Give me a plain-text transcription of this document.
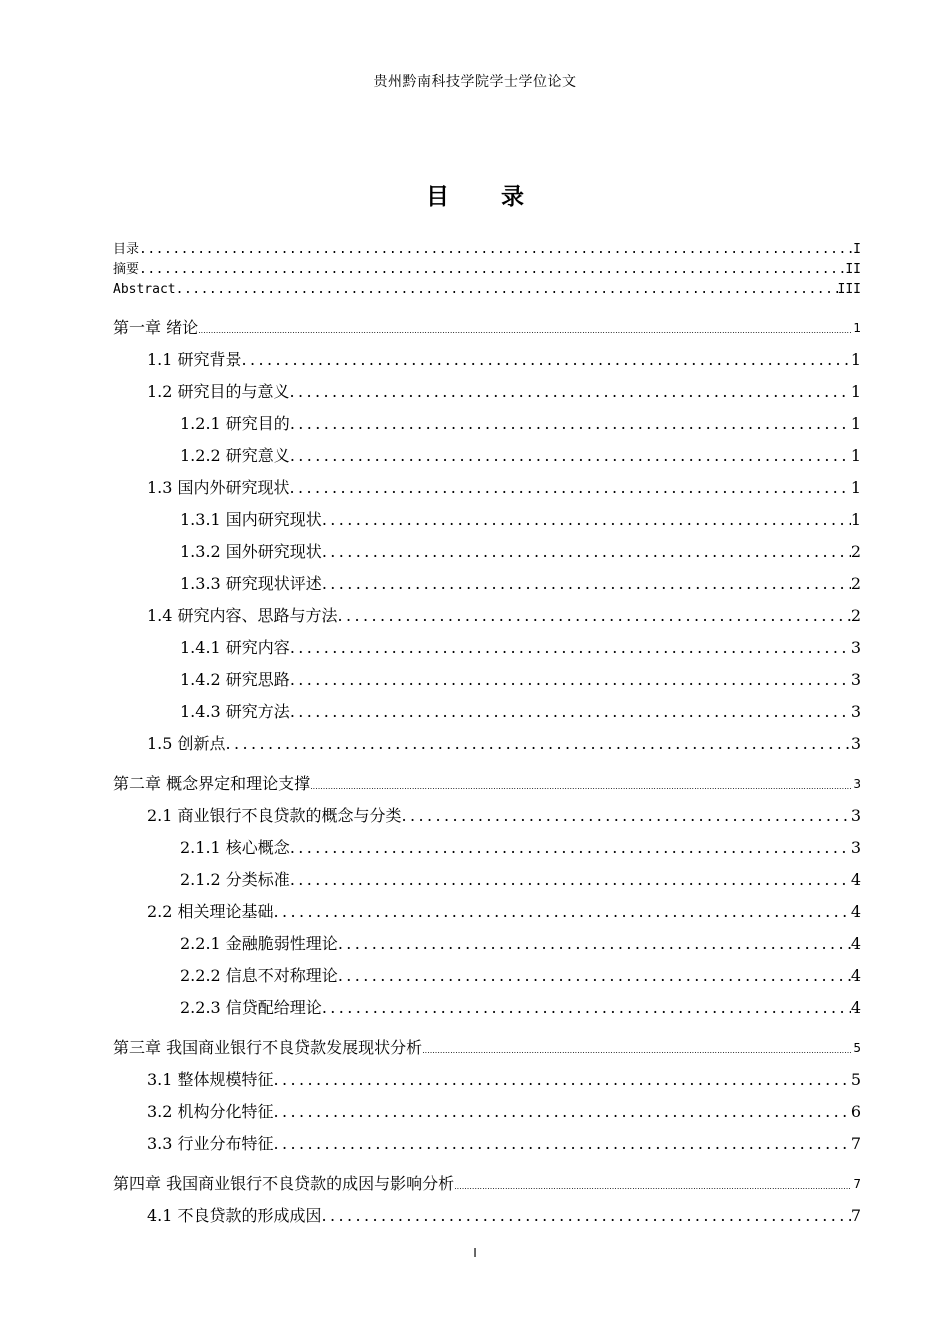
贵州黔南科技学院学士学位论文
目 录
目录 .....	I
摘要 .....	II
Abstract .....	III
第一章 绪论 .....	1
1.1 研究背景 .....	1
1.2 研究目的与意义 .....	1
1.2.1 研究目的 .....	1
1.2.2 研究意义 .....	1
1.3 国内外研究现状 .....	1
1.3.1 国内研究现状 .....	1
1.3.2 国外研究现状 .....	2
1.3.3 研究现状评述 .....	2
1.4 研究内容、思路与方法 .....	2
1.4.1 研究内容 .....	3
1.4.2 研究思路 .....	3
1.4.3 研究方法 .....	3
1.5 创新点 .....	3
第二章 概念界定和理论支撑 .....	3
2.1 商业银行不良贷款的概念与分类 .....	3
2.1.1 核心概念 .....	3
2.1.2 分类标准 .....	4
2.2 相关理论基础 .....	4
2.2.1 金融脆弱性理论 .....	4
2.2.2 信息不对称理论 .....	4
2.2.3 信贷配给理论 .....	4
第三章 我国商业银行不良贷款发展现状分析 .....	5
3.1 整体规模特征 .....	5
3.2 机构分化特征 .....	6
3.3 行业分布特征 .....	7
第四章 我国商业银行不良贷款的成因与影响分析 .....	7
4.1 不良贷款的形成成因 .....	7
I
